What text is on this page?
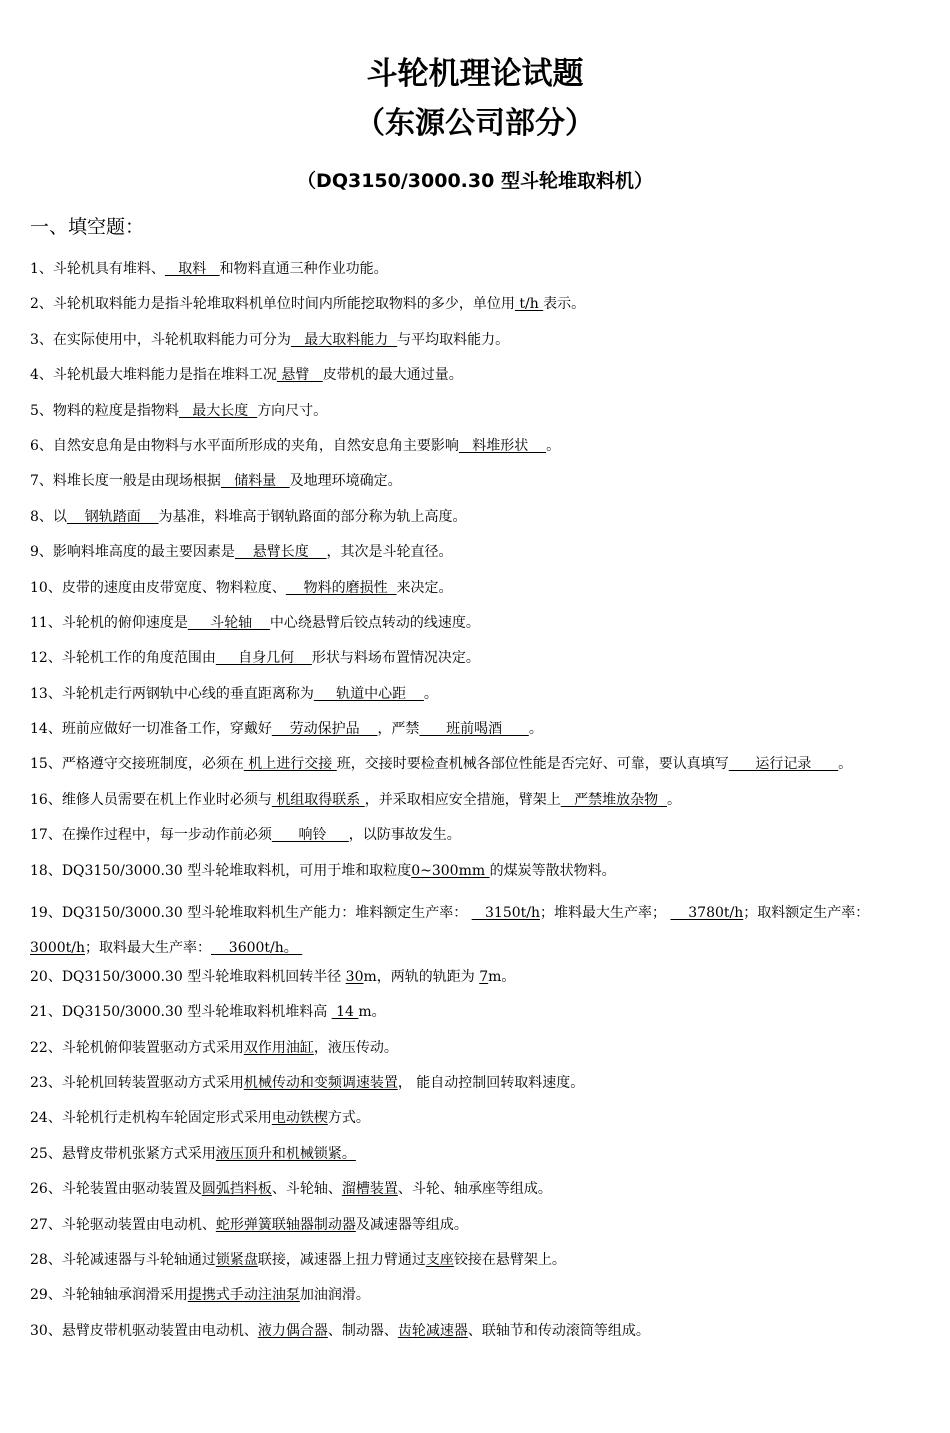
斗轮机理论试题
（东源公司部分）
（DQ3150/3000.30 型斗轮堆取料机）
一、填空题：
1、斗轮机具有堆料、   取料   和物料直通三种作业功能。
2、斗轮机取料能力是指斗轮堆取料机单位时间内所能挖取物料的多少，单位用 t/h 表示。
3、在实际使用中，斗轮机取料能力可分为   最大取料能力  与平均取料能力。
4、斗轮机最大堆料能力是指在堆料工况 悬臂   皮带机的最大通过量。
5、物料的粒度是指物料   最大长度  方向尺寸。
6、自然安息角是由物料与水平面所形成的夹角，自然安息角主要影响   料堆形状    。
7、料堆长度一般是由现场根据   储料量   及地理环境确定。
8、以    钢轨踏面    为基准，料堆高于钢轨路面的部分称为轨上高度。
9、影响料堆高度的最主要因素是    悬臂长度    ，其次是斗轮直径。
10、皮带的速度由皮带宽度、物料粒度、    物料的磨损性  来决定。
11、斗轮机的俯仰速度是     斗轮轴    中心绕悬臂后铰点转动的线速度。
12、斗轮机工作的角度范围由     自身几何    形状与料场布置情况决定。
13、斗轮机走行两钢轨中心线的垂直距离称为     轨道中心距    。
14、班前应做好一切准备工作，穿戴好    劳动保护品    ，严禁      班前喝酒      。
15、严格遵守交接班制度，必须在 机上进行交接 班，交接时要检查机械各部位性能是否完好、可靠，要认真填写      运行记录      。
16、维修人员需要在机上作业时必须与 机组取得联系 ，并采取相应安全措施，臂架上   严禁堆放杂物  。
17、在操作过程中，每一步动作前必须      响铃     ，以防事故发生。
18、DQ3150/3000.30 型斗轮堆取料机，可用于堆和取粒度0~300mm 的煤炭等散状物料。
19、DQ3150/3000.30 型斗轮堆取料机生产能力：堆料额定生产率：    3150t/h；堆料最大生产率；     3780t/h；取料额定生产率：3000t/h；取料最大生产率：    3600t/h。
20、DQ3150/3000.30 型斗轮堆取料机回转半径 30m，两轨的轨距为 7m。
21、DQ3150/3000.30 型斗轮堆取料机堆料高  14 m。
22、斗轮机俯仰装置驱动方式采用双作用油缸，液压传动。
23、斗轮机回转装置驱动方式采用机械传动和变频调速装置， 能自动控制回转取料速度。
24、斗轮机行走机构车轮固定形式采用电动铁楔方式。
25、悬臂皮带机张紧方式采用液压顶升和机械锁紧。
26、斗轮装置由驱动装置及圆弧挡料板、斗轮轴、溜槽装置、斗轮、轴承座等组成。
27、斗轮驱动装置由电动机、蛇形弹簧联轴器制动器及减速器等组成。
28、斗轮减速器与斗轮轴通过锁紧盘联接，减速器上扭力臂通过支座铰接在悬臂架上。
29、斗轮轴轴承润滑采用提携式手动注油泵加油润滑。
30、悬臂皮带机驱动装置由电动机、液力偶合器、制动器、齿轮减速器、联轴节和传动滚筒等组成。
